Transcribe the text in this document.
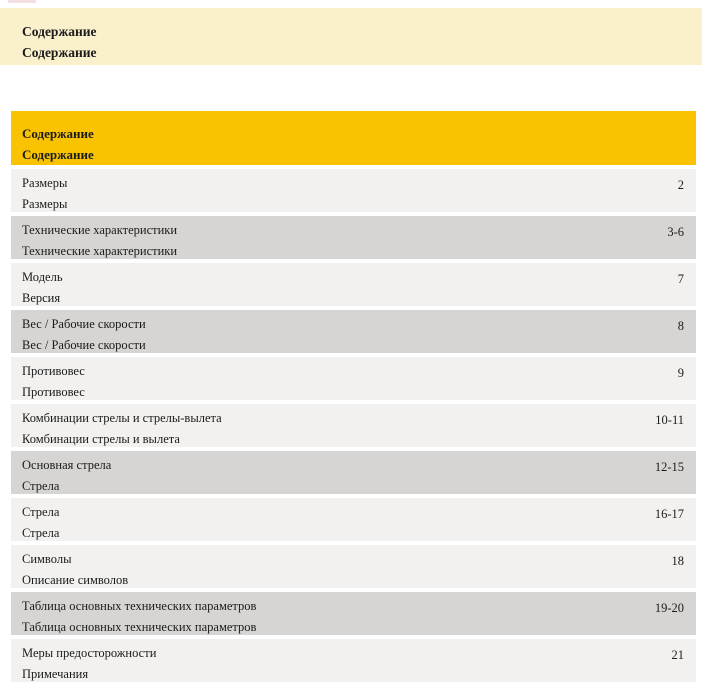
Содержание
Содержание
Содержание
Содержание
Размеры
Размеры
2
Технические характеристики
Технические характеристики
3-6
Модель
Версия
7
Вес / Рабочие скорости
Вес / Рабочие скорости
8
Противовес
Противовес
9
Комбинации стрелы и стрелы-вылета
Комбинации стрелы и вылета
10-11
Основная стрела
Стрела
12-15
Стрела
Стрела
16-17
Символы
Описание символов
18
Таблица основных технических параметров
Таблица основных технических параметров
19-20
Меры предосторожности
Примечания
21
